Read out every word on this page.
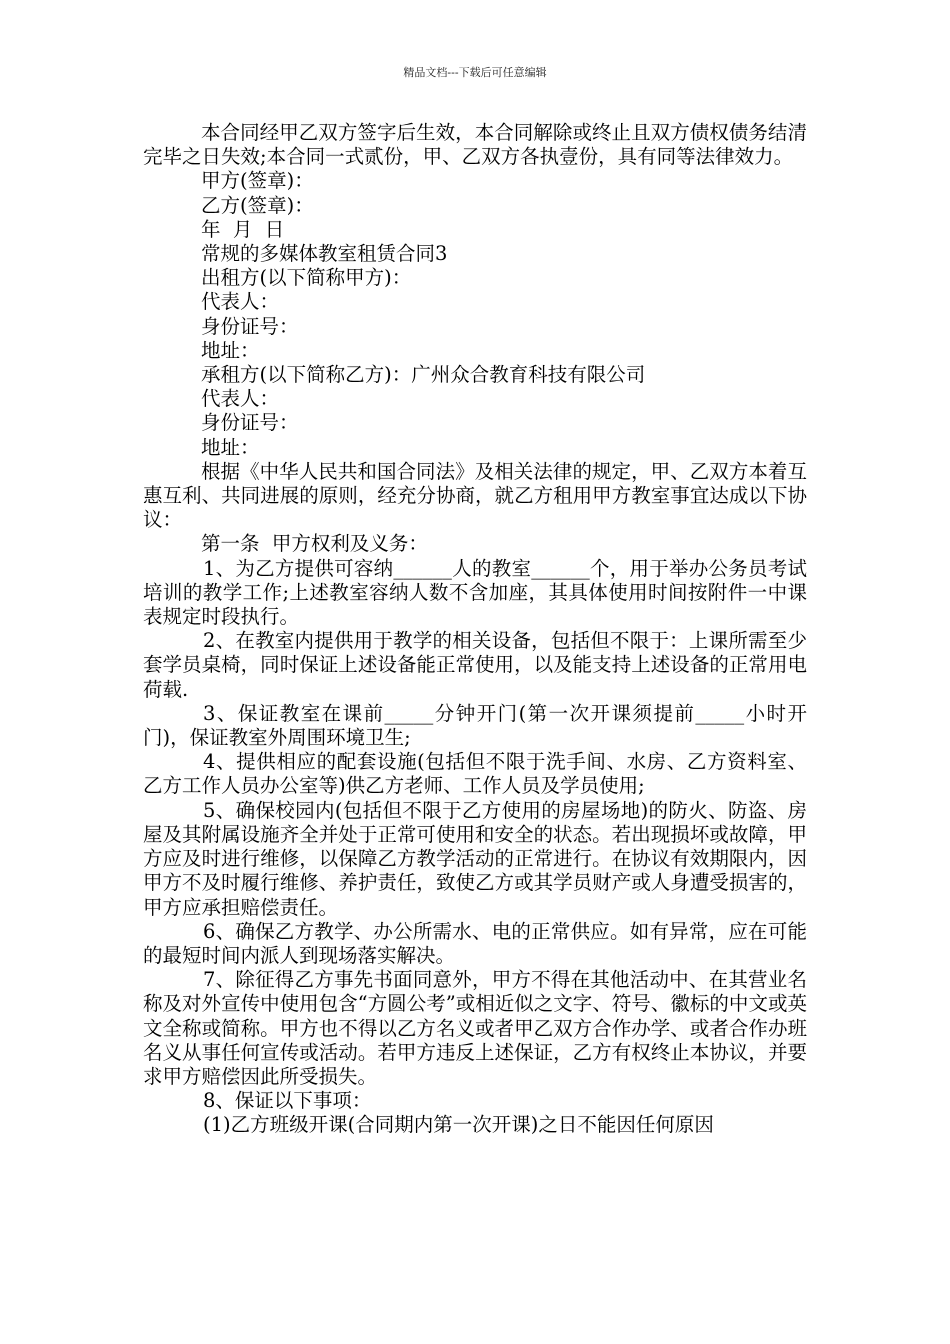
精品文档---下载后可任意编辑

本合同经甲乙双方签字后生效，本合同解除或终止且双方债权债务结清完毕之日失效;本合同一式贰份，甲、乙双方各执壹份，具有同等法律效力。

甲方(签章)：

乙方(签章)：

年  月  日

常规的多媒体教室租赁合同3

出租方(以下简称甲方)：

代表人：

身份证号：

地址：

承租方(以下简称乙方)：广州众合教育科技有限公司

代表人：

身份证号：

地址：

根据《中华人民共和国合同法》及相关法律的规定，甲、乙双方本着互惠互利、共同进展的原则，经充分协商，就乙方租用甲方教室事宜达成以下协议：

第一条  甲方权利及义务：

1、为乙方提供可容纳______人的教室______个，用于举办公务员考试培训的教学工作;上述教室容纳人数不含加座，其具体使用时间按附件一中课表规定时段执行。

2、在教室内提供用于教学的相关设备，包括但不限于：上课所需至少  套学员桌椅，同时保证上述设备能正常使用，以及能支持上述设备的正常用电荷载.

3、保证教室在课前_____分钟开门(第一次开课须提前_____小时开门)，保证教室外周围环境卫生;

4、提供相应的配套设施(包括但不限于洗手间、水房、乙方资料室、乙方工作人员办公室等)供乙方老师、工作人员及学员使用;

5、确保校园内(包括但不限于乙方使用的房屋场地)的防火、防盗、房屋及其附属设施齐全并处于正常可使用和安全的状态。若出现损坏或故障，甲方应及时进行维修，以保障乙方教学活动的正常进行。在协议有效期限内，因甲方不及时履行维修、养护责任，致使乙方或其学员财产或人身遭受损害的，甲方应承担赔偿责任。

6、确保乙方教学、办公所需水、电的正常供应。如有异常，应在可能的最短时间内派人到现场落实解决。

7、除征得乙方事先书面同意外，甲方不得在其他活动中、在其营业名称及对外宣传中使用包含“方圆公考”或相近似之文字、符号、徽标的中文或英文全称或简称。甲方也不得以乙方名义或者甲乙双方合作办学、或者合作办班名义从事任何宣传或活动。若甲方违反上述保证，乙方有权终止本协议，并要求甲方赔偿因此所受损失。

8、保证以下事项：

(1)乙方班级开课(合同期内第一次开课)之日不能因任何原因
